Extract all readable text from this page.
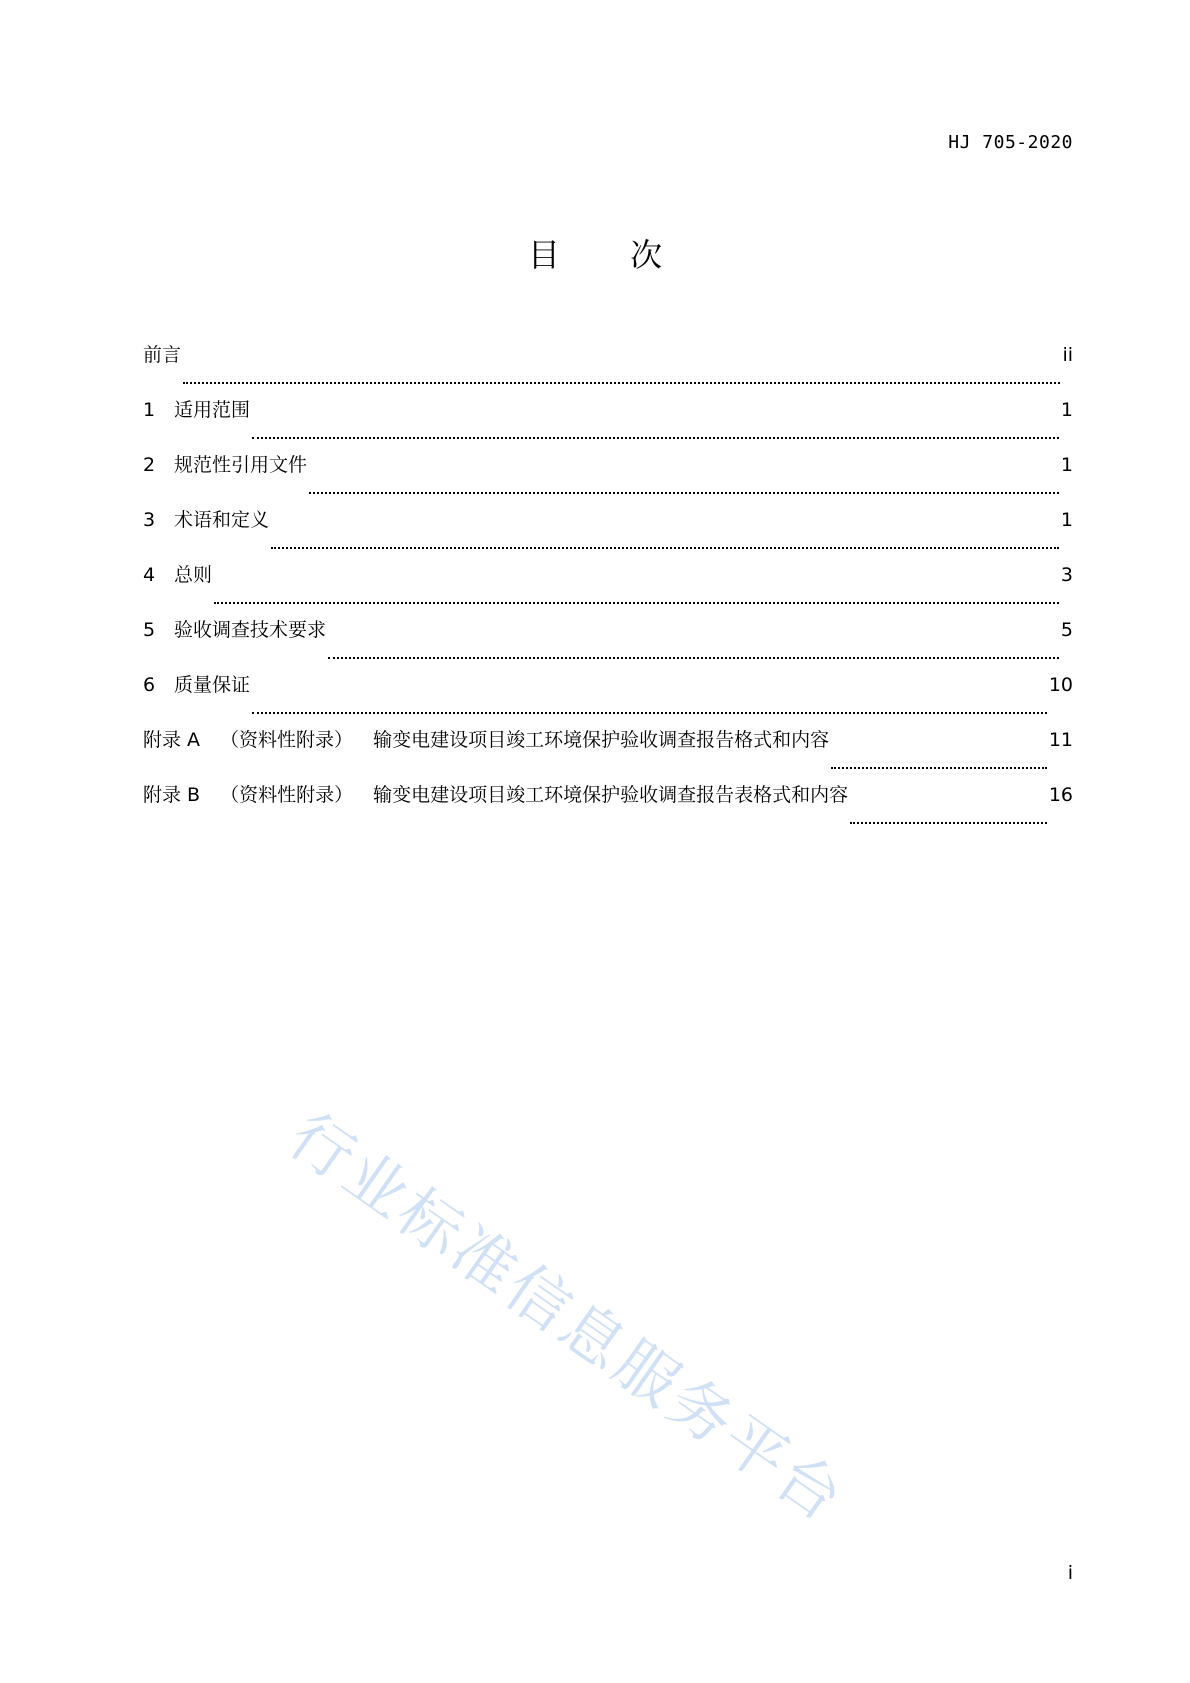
HJ 705-2020
目 次
前言	ii
1 适用范围	1
2 规范性引用文件	1
3 术语和定义	1
4 总则	3
5 验收调查技术要求	5
6 质量保证	10
附录 A （资料性附录） 输变电建设项目竣工环境保护验收调查报告格式和内容	11
附录 B （资料性附录） 输变电建设项目竣工环境保护验收调查报告表格式和内容	16
行业标准信息服务平台
i
